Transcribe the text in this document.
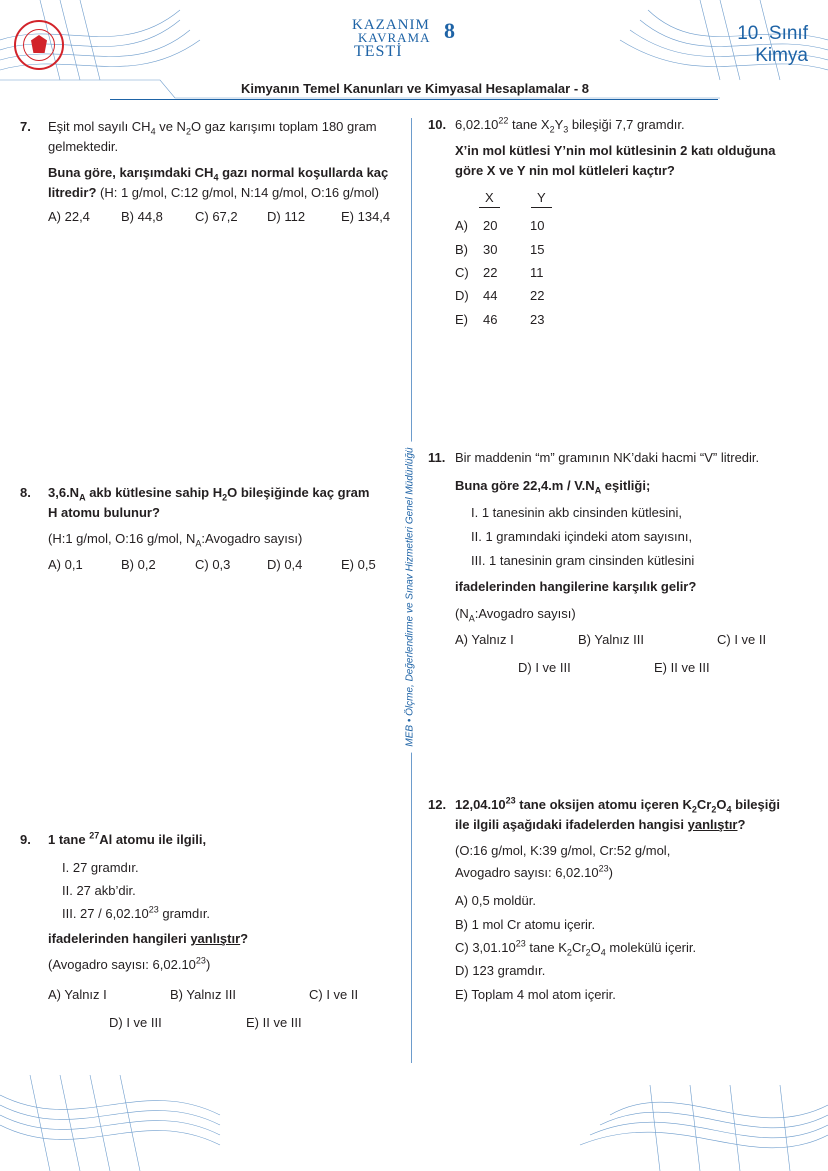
KAZANIM
KAVRAMA
TESTİ
8	10. Sınıf
Kimya
Kimyanın Temel Kanunları ve Kimyasal Hesaplamalar - 8
MEB • Ölçme, Değerlendirme ve Sınav Hizmetleri Genel Müdürlüğü
7. Eşit mol sayılı $CH_4$ ve $N_2O$ gaz karışımı toplam 180 gram
gelmektedir.
Buna göre, karışımdaki $CH_4$ gazı normal koşullarda kaç
litredir? (H: 1 g/mol, C:12 g/mol, N:14 g/mol, O:16 g/mol)
A) 22,4 B) 44,8 C) 67,2 D) 112	E) 134,4
8. $3,6.N_A$ akb kütlesine sahip $H_2O$ bileşiğinde kaç gram
H atomu bulunur?
(H:1 g/mol, O:16 g/mol, $N_A:Avogadro$ sayısı)
A) 0,1	B) 0,2	C) 0,3	D) 0,4	E) 0,5
9. 1 tane $^{27}$Al atomu ile ilgili,
I. 27 gramdır.
II. 27 akb’dir.
III. 27 / 6,02.10$^{23}$ gramdır.
ifadelerinden hangileri yanlıştır?
(Avogadro sayısı: 6,02.10$^{23}$)
A) Yalnız I	B) Yalnız III	C) I ve II
D) I ve III	E) II ve III
10. 6,02.10$^{22}$ tane $X_2Y_3$ bileşiği 7,7 gramdır.
X’in mol kütlesi Y’nin mol kütlesinin 2 katı olduğuna
göre X ve Y nin mol kütleleri kaçtır?
X	Y
A) 20	10
B) 30	15
C) 22	11
D) 44	22
E) 46	23
11. Bir maddenin “m” gramının NK’daki hacmi “V” litredir.
Buna göre $22,4.m / V.N_A$ eşitliği;
I. 1 tanesinin akb cinsinden kütlesini,
II. 1 gramındaki içindeki atom sayısını,
III. 1 tanesinin gram cinsinden kütlesini
ifadelerinden hangilerine karşılık gelir?
($N_A:Avogadro$ sayısı)
A) Yalnız I	B) Yalnız III	C) I ve II
D) I ve III	E) II ve III
12. 12,04.10$^{23}$ tane oksijen atomu içeren $K_2Cr_2O_4$ bileşiği
ile ilgili aşağıdaki ifadelerden hangisi yanlıştır?
(O:16 g/mol, K:39 g/mol, Cr:52 g/mol,
Avogadro sayısı: 6,02.10$^{23}$)
A) 0,5 moldür.
B) 1 mol Cr atomu içerir.
C) 3,01.10$^{23}$ tane $K_2Cr_2O_4$ molekülü içerir.
D) 123 gramdır.
E) Toplam 4 mol atom içerir.
